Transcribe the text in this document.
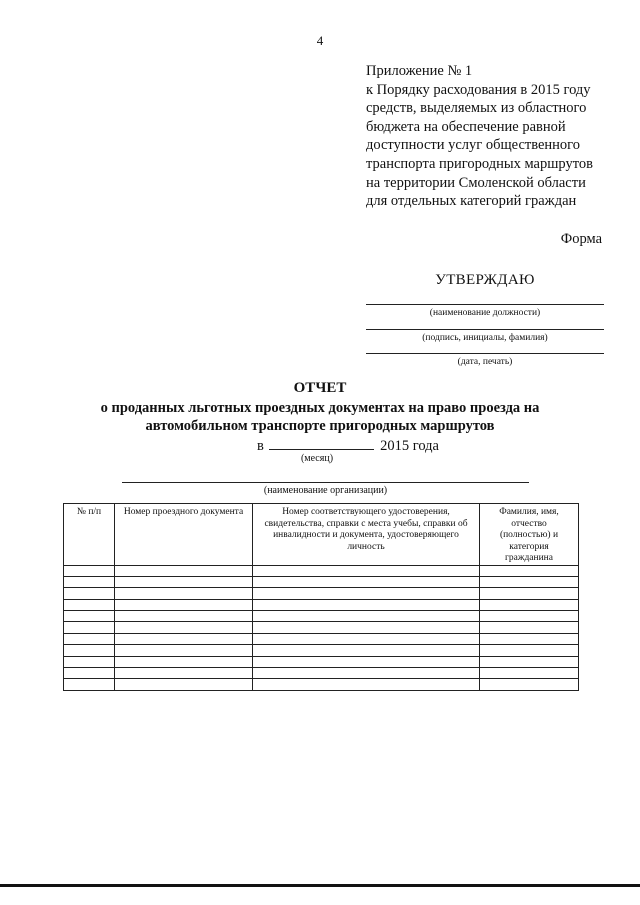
4
Приложение № 1
к Порядку расходования в 2015 году
средств, выделяемых из областного
бюджета на обеспечение равной
доступности услуг общественного
транспорта пригородных маршрутов
на территории Смоленской области
для отдельных категорий граждан
Форма
УТВЕРЖДАЮ
(наименование должности)
(подпись, инициалы, фамилия)
(дата, печать)
ОТЧЕТ
о проданных льготных проездных документах на право проезда на
автомобильном транспорте пригородных маршрутов
в	2015 года
(месяц)
(наименование организации)
№ п/п	Номер проездного документа	Номер соответствующего удостоверения, свидетельства, справки с места учебы, справки об инвалидности и документа, удостоверяющего личность	Фамилия, имя, отчество (полностью) и категория гражданина
